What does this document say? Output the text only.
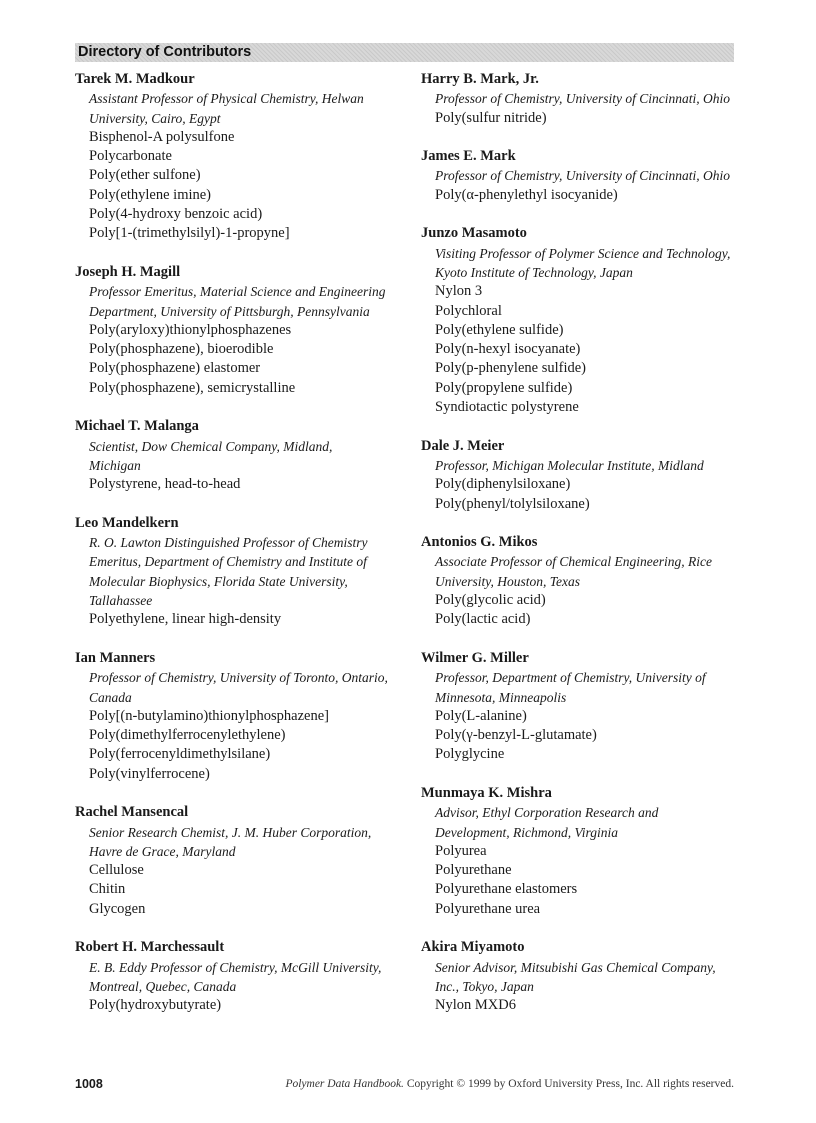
Directory of Contributors
Tarek M. Madkour
Assistant Professor of Physical Chemistry, Helwan
University, Cairo, Egypt
Bisphenol-A polysulfone
Polycarbonate
Poly(ether sulfone)
Poly(ethylene imine)
Poly(4-hydroxy benzoic acid)
Poly[1-(trimethylsilyl)-1-propyne]
Joseph H. Magill
Professor Emeritus, Material Science and Engineering
Department, University of Pittsburgh, Pennsylvania
Poly(aryloxy)thionylphosphazenes
Poly(phosphazene), bioerodible
Poly(phosphazene) elastomer
Poly(phosphazene), semicrystalline
Michael T. Malanga
Scientist, Dow Chemical Company, Midland,
Michigan
Polystyrene, head-to-head
Leo Mandelkern
R. O. Lawton Distinguished Professor of Chemistry
Emeritus, Department of Chemistry and Institute of
Molecular Biophysics, Florida State University,
Tallahassee
Polyethylene, linear high-density
Ian Manners
Professor of Chemistry, University of Toronto, Ontario,
Canada
Poly[(n-butylamino)thionylphosphazene]
Poly(dimethylferrocenylethylene)
Poly(ferrocenyldimethylsilane)
Poly(vinylferrocene)
Rachel Mansencal
Senior Research Chemist, J. M. Huber Corporation,
Havre de Grace, Maryland
Cellulose
Chitin
Glycogen
Robert H. Marchessault
E. B. Eddy Professor of Chemistry, McGill University,
Montreal, Quebec, Canada
Poly(hydroxybutyrate)
Harry B. Mark, Jr.
Professor of Chemistry, University of Cincinnati, Ohio
Poly(sulfur nitride)
James E. Mark
Professor of Chemistry, University of Cincinnati, Ohio
Poly(α-phenylethyl isocyanide)
Junzo Masamoto
Visiting Professor of Polymer Science and Technology,
Kyoto Institute of Technology, Japan
Nylon 3
Polychloral
Poly(ethylene sulfide)
Poly(n-hexyl isocyanate)
Poly(p-phenylene sulfide)
Poly(propylene sulfide)
Syndiotactic polystyrene
Dale J. Meier
Professor, Michigan Molecular Institute, Midland
Poly(diphenylsiloxane)
Poly(phenyl/tolylsiloxane)
Antonios G. Mikos
Associate Professor of Chemical Engineering, Rice
University, Houston, Texas
Poly(glycolic acid)
Poly(lactic acid)
Wilmer G. Miller
Professor, Department of Chemistry, University of
Minnesota, Minneapolis
Poly(L-alanine)
Poly(γ-benzyl-L-glutamate)
Polyglycine
Munmaya K. Mishra
Advisor, Ethyl Corporation Research and
Development, Richmond, Virginia
Polyurea
Polyurethane
Polyurethane elastomers
Polyurethane urea
Akira Miyamoto
Senior Advisor, Mitsubishi Gas Chemical Company,
Inc., Tokyo, Japan
Nylon MXD6
1008	Polymer Data Handbook. Copyright © 1999 by Oxford University Press, Inc. All rights reserved.
